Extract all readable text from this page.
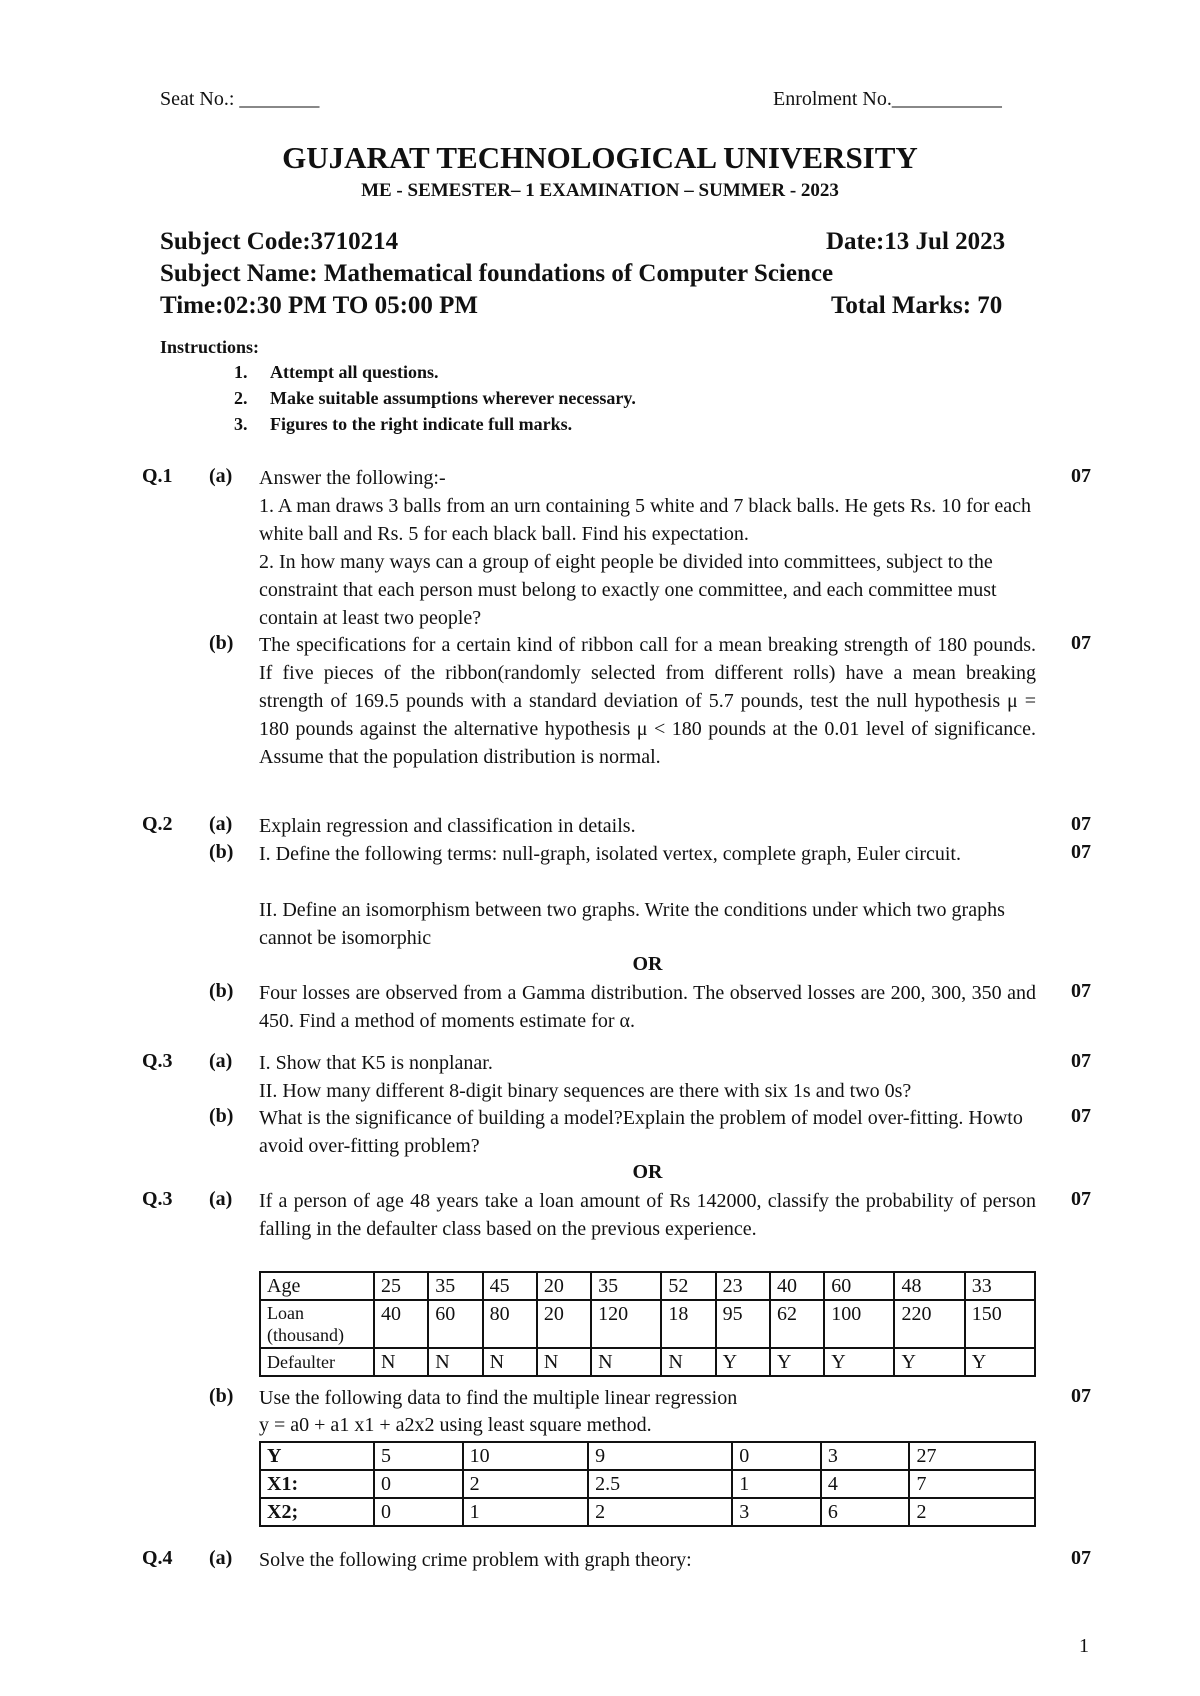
Seat No.: ________	Enrolment No.___________
GUJARAT TECHNOLOGICAL UNIVERSITY
ME - SEMESTER– 1 EXAMINATION – SUMMER - 2023
Subject Code:3710214	Date:13 Jul 2023
Subject Name: Mathematical foundations of Computer Science
Time:02:30 PM TO 05:00 PM	Total Marks: 70
Instructions:
1. Attempt all questions.
2. Make suitable assumptions wherever necessary.
3. Figures to the right indicate full marks.
Q.1 (a)	07
Answer the following:-
1. A man draws 3 balls from an urn containing 5 white and 7 black balls. He gets Rs. 10 for each white ball and Rs. 5 for each black ball. Find his expectation.
2. In how many ways can a group of eight people be divided into committees, subject to the constraint that each person must belong to exactly one committee, and each committee must contain at least two people?
(b)	07
The specifications for a certain kind of ribbon call for a mean breaking strength of 180 pounds. If five pieces of the ribbon(randomly selected from different rolls) have a mean breaking strength of 169.5 pounds with a standard deviation of 5.7 pounds, test the null hypothesis μ = 180 pounds against the alternative hypothesis μ < 180 pounds at the 0.01 level of significance. Assume that the population distribution is normal.
Q.2 (a)	07
Explain regression and classification in details.
(b)	07
I. Define the following terms: null-graph, isolated vertex, complete graph, Euler circuit.
II. Define an isomorphism between two graphs. Write the conditions under which two graphs cannot be isomorphic
OR
(b)	07
Four losses are observed from a Gamma distribution. The observed losses are 200, 300, 350 and 450. Find a method of moments estimate for α.
Q.3 (a)	07
I. Show that K5 is nonplanar.
II. How many different 8-digit binary sequences are there with six 1s and two 0s?
(b)	07
What is the significance of building a model?Explain the problem of model over-fitting. Howto avoid over-fitting problem?
OR
Q.3 (a)	07
If a person of age 48 years take a loan amount of Rs 142000, classify the probability of person falling in the defaulter class based on the previous experience.
Age	25	35	45	20	35	52	23	40	60	48	33
Loan (thousand)	40	60	80	20	120	18	95	62	100	220	150
Defaulter	N	N	N	N	N	N	Y	Y	Y	Y	Y
(b)	07
Use the following data to find the multiple linear regression
y = a0 + a1 x1 + a2x2 using least square method.
Y	5	10	9	0	3	27
X1:	0	2	2.5	1	4	7
X2;	0	1	2	3	6	2
Q.4 (a)	07
Solve the following crime problem with graph theory:
1
